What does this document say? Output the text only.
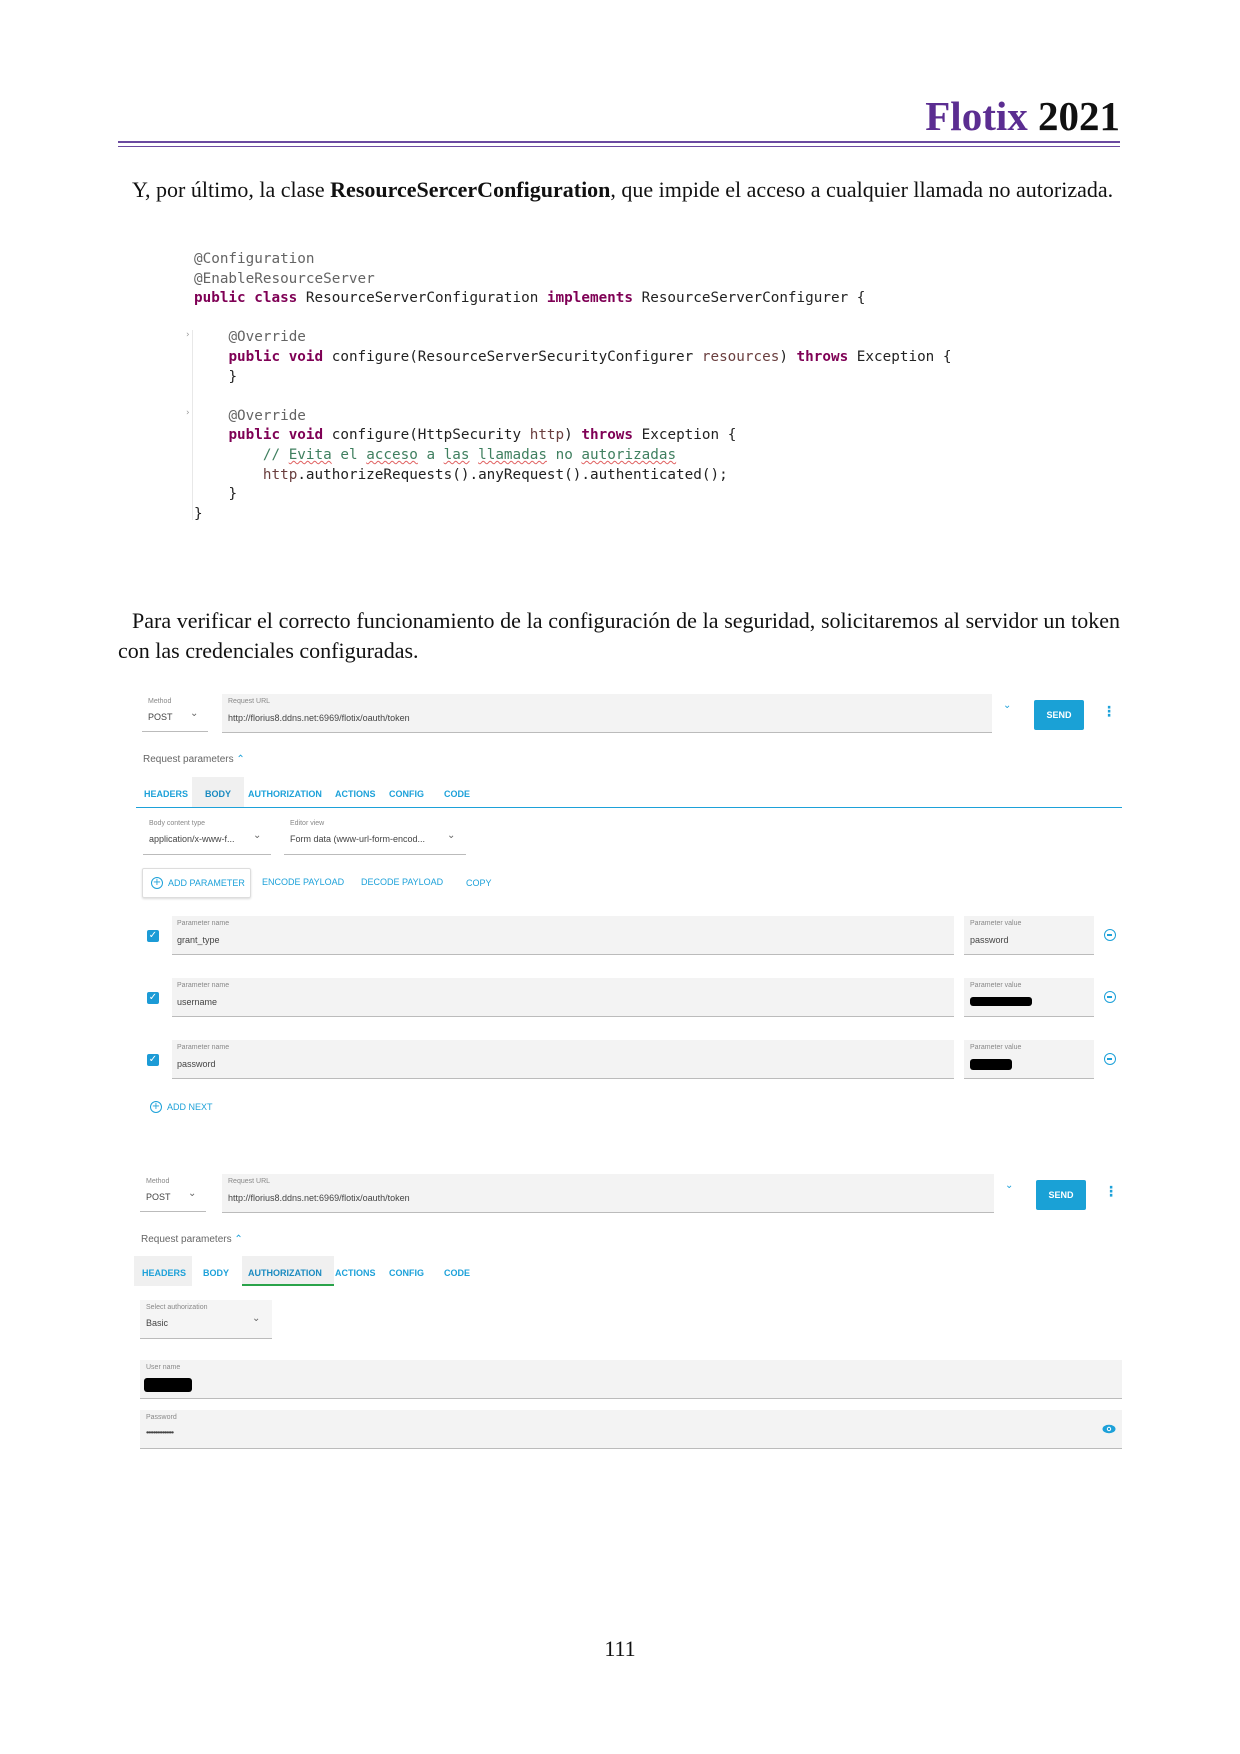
Flotix 2021
Y, por último, la clase ResourceSercerConfiguration, que impide el acceso a cualquier llamada no autorizada.
@Configuration
@EnableResourceServer
public class ResourceServerConfiguration implements ResourceServerConfigurer {

@Override
public void configure(ResourceServerSecurityConfigurer resources) throws Exception {
}

@Override
public void configure(HttpSecurity http) throws Exception {
// Evita el acceso a las llamadas no autorizadas
http.authorizeRequests().anyRequest().authenticated();
}
}
›
›
Para verificar el correcto funcionamiento de la configuración de la seguridad, solicitaremos al servidor un token con las credenciales configuradas.
Method
POST ⌄
Request URL
http://florius8.ddns.net:6969/flotix/oauth/token
⌄
SEND	⋮
Request parameters ⌃
HEADERS BODY AUTHORIZATION ACTIONS CONFIG CODE
Body content type
application/x-www-f... ⌄
Editor view
Form data (www-url-form-encod... ⌄
+ ADD PARAMETER ENCODE PAYLOAD DECODE PAYLOAD	COPY
✓
Parameter name
grant_type
Parameter value
password
✓
Parameter name
username
Parameter value
✓
Parameter name
password
Parameter value
+ ADD NEXT
Method
POST ⌄
Request URL
http://florius8.ddns.net:6969/flotix/oauth/token
⌄
SEND	⋮
Request parameters ⌃
HEADERS BODY AUTHORIZATION ACTIONS CONFIG CODE
Select authorization
Basic	⌄
User name
Password
•••••••••••••••
111
